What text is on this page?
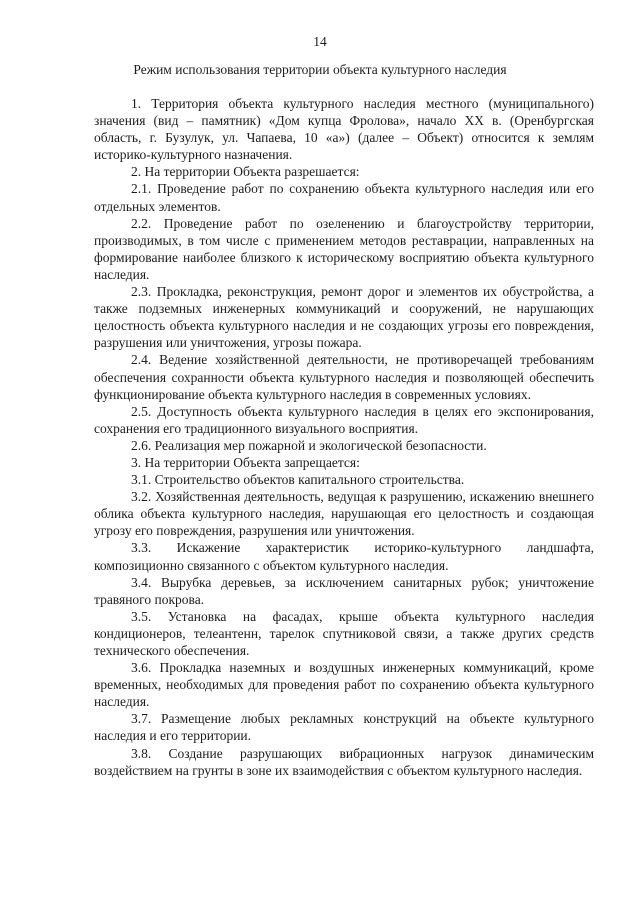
14
Режим использования территории объекта культурного наследия

1. Территория объекта культурного наследия местного (муниципального) значения (вид – памятник) «Дом купца Фролова», начало XX в. (Оренбургская область, г. Бузулук, ул. Чапаева, 10 «а») (далее – Объект) относится к землям историко-культурного назначения.

2. На территории Объекта разрешается:

2.1. Проведение работ по сохранению объекта культурного наследия или его отдельных элементов.

2.2. Проведение работ по озеленению и благоустройству территории, производимых, в том числе с применением методов реставрации, направленных на формирование наиболее близкого к историческому восприятию объекта культурного наследия.

2.3. Прокладка, реконструкция, ремонт дорог и элементов их обустройства, а также подземных инженерных коммуникаций и сооружений, не нарушающих целостность объекта культурного наследия и не создающих угрозы его повреждения, разрушения или уничтожения, угрозы пожара.

2.4. Ведение хозяйственной деятельности, не противоречащей требованиям обеспечения сохранности объекта культурного наследия и позволяющей обеспечить функционирование объекта культурного наследия в современных условиях.

2.5. Доступность объекта культурного наследия в целях его экспонирования, сохранения его традиционного визуального восприятия.

2.6. Реализация мер пожарной и экологической безопасности.

3. На территории Объекта запрещается:

3.1. Строительство объектов капитального строительства.

3.2. Хозяйственная деятельность, ведущая к разрушению, искажению внешнего облика объекта культурного наследия, нарушающая его целостность и создающая угрозу его повреждения, разрушения или уничтожения.

3.3. Искажение характеристик историко-культурного ландшафта, композиционно связанного с объектом культурного наследия.

3.4. Вырубка деревьев, за исключением санитарных рубок; уничтожение травяного покрова.

3.5. Установка на фасадах, крыше объекта культурного наследия кондиционеров, телеантенн, тарелок спутниковой связи, а также других средств технического обеспечения.

3.6. Прокладка наземных и воздушных инженерных коммуникаций, кроме временных, необходимых для проведения работ по сохранению объекта культурного наследия.

3.7. Размещение любых рекламных конструкций на объекте культурного наследия и его территории.

3.8. Создание разрушающих вибрационных нагрузок динамическим воздействием на грунты в зоне их взаимодействия с объектом культурного наследия.
